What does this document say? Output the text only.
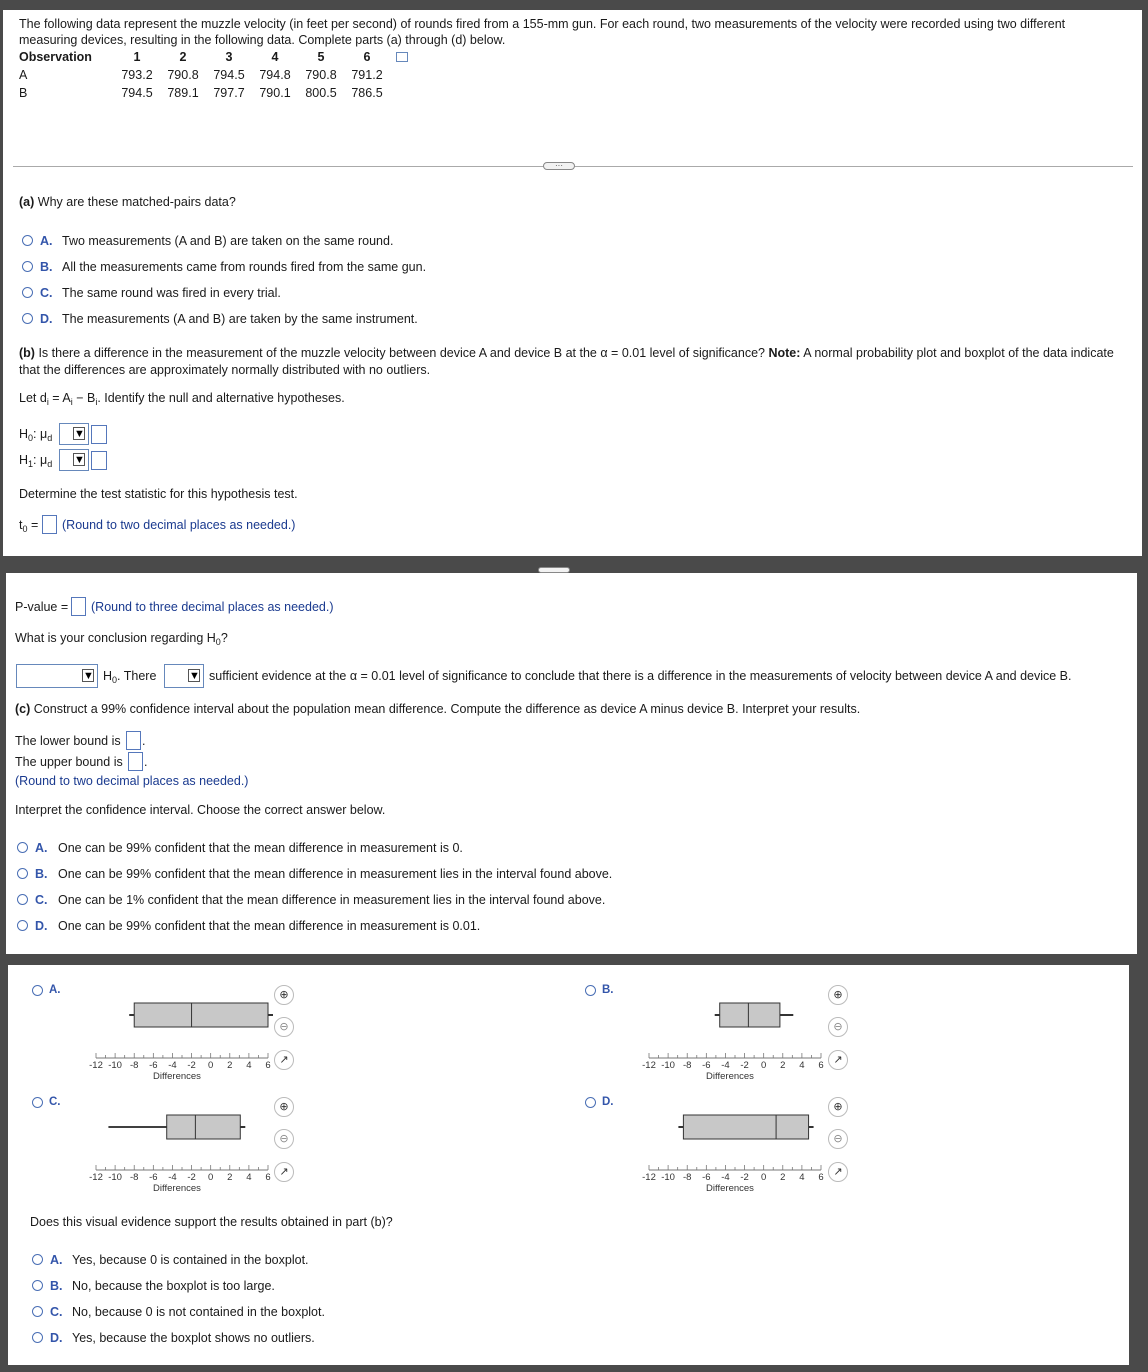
The following data represent the muzzle velocity (in feet per second) of rounds fired from a 155-mm gun. For each round, two measurements of the velocity were recorded using two different
measuring devices, resulting in the following data. Complete parts (a) through (d) below.
Observation	1	2	3	4	5	6	
A	793.2	790.8	794.5	794.8	790.8	791.2	
B	794.5	789.1	797.7	790.1	800.5	786.5	
···
(a) Why are these matched-pairs data?
A. Two measurements (A and B) are taken on the same round.
B. All the measurements came from rounds fired from the same gun.
C. The same round was fired in every trial.
D. The measurements (A and B) are taken by the same instrument.
(b) Is there a difference in the measurement of the muzzle velocity between device A and device B at the α = 0.01 level of significance? Note: A normal probability plot and boxplot of the data indicate
that the differences are approximately normally distributed with no outliers.
Let $d_i = A_i - B_i$. Identify the null and alternative hypotheses.
$H_0$: $\mu_d$ ▼
$H_1$: $\mu_d$ ▼
Determine the test statistic for this hypothesis test.
$t_0$ = (Round to two decimal places as needed.)
P-value = (Round to three decimal places as needed.)
What is your conclusion regarding $H_0$?
▼ $H_0$. There	▼ sufficient evidence at the α = 0.01 level of significance to conclude that there is a difference in the measurements of velocity between device A and device B.
(c) Construct a 99% confidence interval about the population mean difference. Compute the difference as device A minus device B. Interpret your results.
The lower bound is .
The upper bound is .
(Round to two decimal places as needed.)
Interpret the confidence interval. Choose the correct answer below.
A. One can be 99% confident that the mean difference in measurement is 0.
B. One can be 99% confident that the mean difference in measurement lies in the interval found above.
C. One can be 1% confident that the mean difference in measurement lies in the interval found above.
D. One can be 99% confident that the mean difference in measurement is 0.01.
A.
-12 -10 -8 -6 -4 -2 0 2 4 6
Differences
⊕
⊖
↗
B.
-12 -10 -8 -6 -4 -2 0 2 4 6
Differences
⊕
⊖
↗
C.
-12 -10 -8 -6 -4 -2 0 2 4 6
Differences
⊕
⊖
↗
D.
-12 -10 -8 -6 -4 -2 0 2 4 6
Differences
⊕
⊖
↗
Does this visual evidence support the results obtained in part (b)?
A. Yes, because 0 is contained in the boxplot.
B. No, because the boxplot is too large.
C. No, because 0 is not contained in the boxplot.
D. Yes, because the boxplot shows no outliers.
